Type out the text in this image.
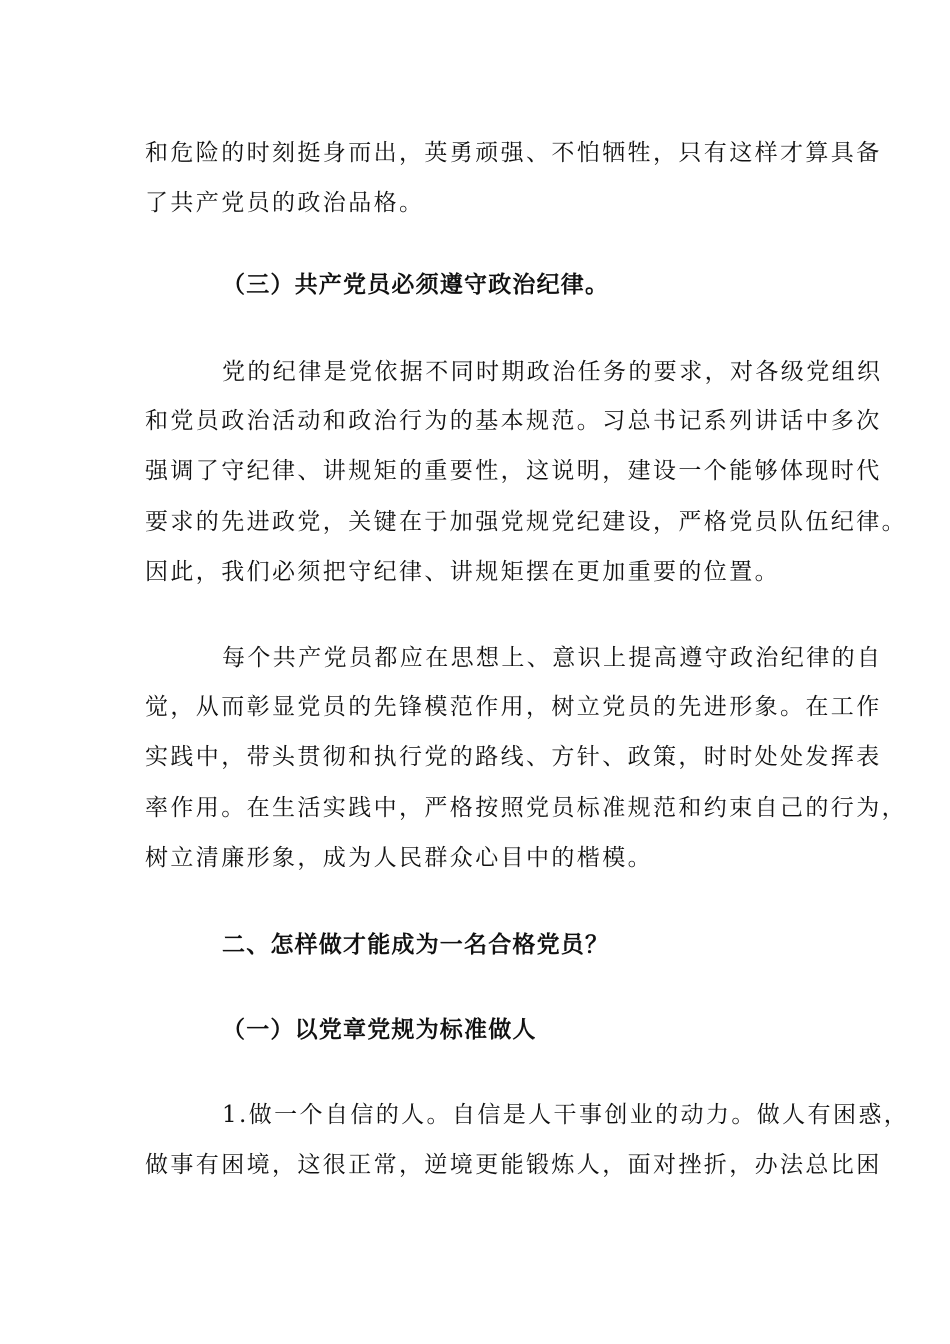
和危险的时刻挺身而出，英勇顽强、不怕牺牲，只有这样才算具备
了共产党员的政治品格。
（三）共产党员必须遵守政治纪律。
党的纪律是党依据不同时期政治任务的要求，对各级党组织
和党员政治活动和政治行为的基本规范。习总书记系列讲话中多次
强调了守纪律、讲规矩的重要性，这说明，建设一个能够体现时代
要求的先进政党，关键在于加强党规党纪建设，严格党员队伍纪律。
因此，我们必须把守纪律、讲规矩摆在更加重要的位置。
每个共产党员都应在思想上、意识上提高遵守政治纪律的自
觉，从而彰显党员的先锋模范作用，树立党员的先进形象。在工作
实践中，带头贯彻和执行党的路线、方针、政策，时时处处发挥表
率作用。在生活实践中，严格按照党员标准规范和约束自己的行为，
树立清廉形象，成为人民群众心目中的楷模。
二、怎样做才能成为一名合格党员？
（一）以党章党规为标准做人
1.做一个自信的人。自信是人干事创业的动力。做人有困惑，
做事有困境，这很正常，逆境更能锻炼人，面对挫折，办法总比困
